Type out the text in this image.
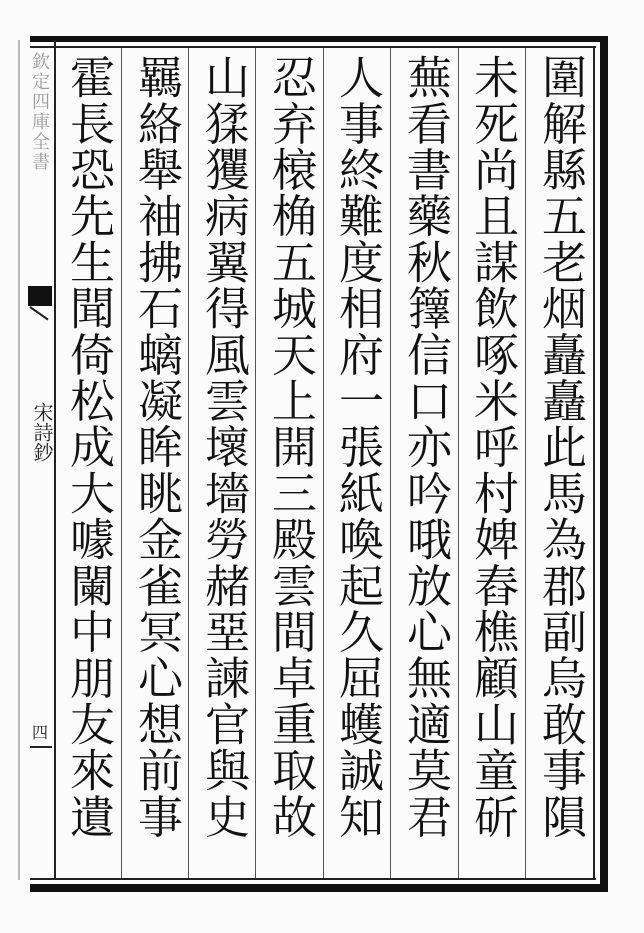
欽定四庫全書
宋詩鈔
四
圍解縣五老烟矗矗此馬為郡副烏敢事隕
未死尚且謀飲啄米呼村婢舂樵顧山童斫
蕪看書藥秋籜信口亦吟哦放心無適莫君
人事終難度相府一張紙喚起久屈蠖誠知
忍弃榱桷五城天上開三殿雲間卓重取故
山猱玃病翼得風雲壞墻勞赭堊諫官與史
羈絡舉袖拂石螭凝眸眺金雀冥心想前事
霍長恐先生聞倚松成大噱闌中朋友來遺
